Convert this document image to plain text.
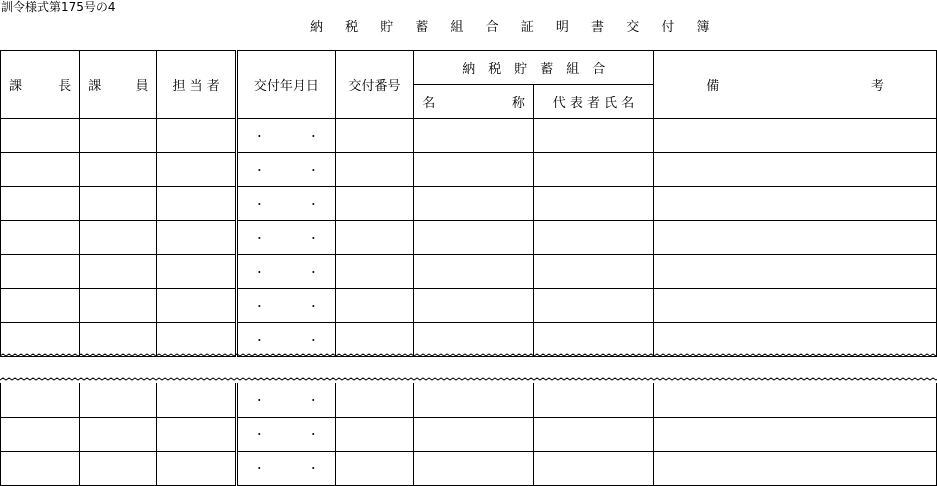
訓令様式第175号の4
納 税 貯 蓄 組 合 証 明 書 交 付 簿
課 長	課 員	担 当 者	交付年月日	交付番号	納　税　貯　蓄　組　合		備 考

					名 称	代 表 者 氏 名	
			・　・				
			・　・				
			・　・				
			・　・				
			・　・				
			・　・				
			・　・				
			・　・				
			・　・				
			・　・				
